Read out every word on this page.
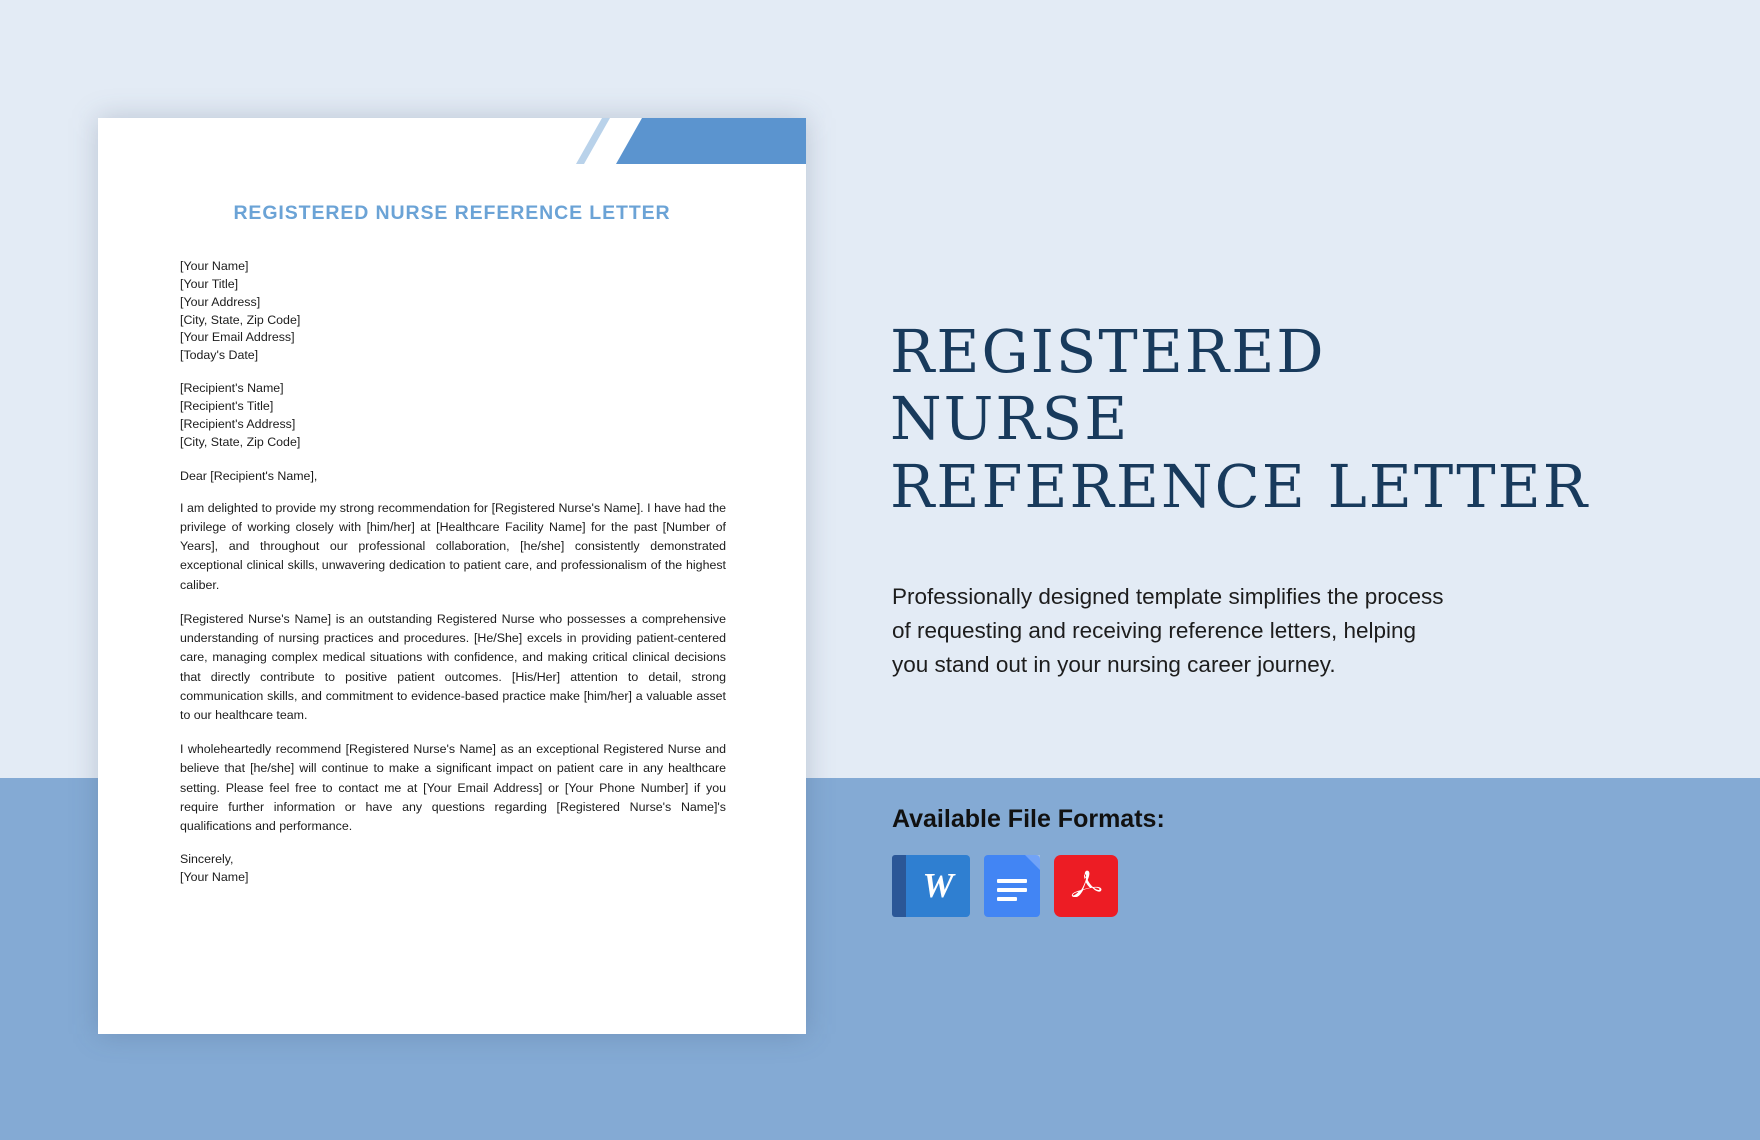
REGISTERED NURSE REFERENCE LETTER
[Your Name]
[Your Title]
[Your Address]
[City, State, Zip Code]
[Your Email Address]
[Today's Date]
[Recipient's Name]
[Recipient's Title]
[Recipient's Address]
[City, State, Zip Code]

Dear [Recipient's Name],

I am delighted to provide my strong recommendation for [Registered Nurse's Name]. I have had the privilege of working closely with [him/her] at [Healthcare Facility Name] for the past [Number of Years], and throughout our professional collaboration, [he/she] consistently demonstrated exceptional clinical skills, unwavering dedication to patient care, and professionalism of the highest caliber.

[Registered Nurse's Name] is an outstanding Registered Nurse who possesses a comprehensive understanding of nursing practices and procedures. [He/She] excels in providing patient-centered care, managing complex medical situations with confidence, and making critical clinical decisions that directly contribute to positive patient outcomes. [His/Her] attention to detail, strong communication skills, and commitment to evidence-based practice make [him/her] a valuable asset to our healthcare team.

I wholeheartedly recommend [Registered Nurse's Name] as an exceptional Registered Nurse and believe that [he/she] will continue to make a significant impact on patient care in any healthcare setting. Please feel free to contact me at [Your Email Address] or [Your Phone Number] if you require further information or have any questions regarding [Registered Nurse's Name]'s qualifications and performance.

Sincerely,
[Your Name]
REGISTERED
NURSE
REFERENCE LETTER
Professionally designed template simplifies the process of requesting and receiving reference letters, helping you stand out in your nursing career journey.
Available File Formats:
W
